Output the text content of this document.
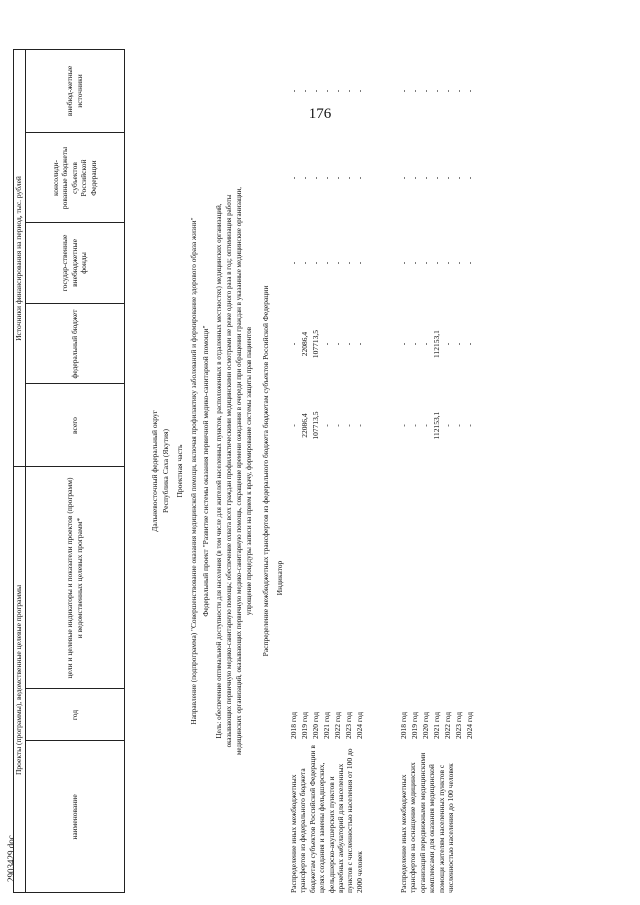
176
2903429.doc
Проекты (программы), ведомственные целевые программы
Источники финансирования на период, тыс. рублей
наименование
год
цели и целевые индикаторы и показатели проектов (программ) и ведомственных целевых программ*
всего
федеральный бюджет
государ-ственные внебюджетные фонды
консолиди-рованные бюджеты субъектов Российской Федерации
внебюд-жетные источники
Дальневосточный федеральный округ Республика Саха (Якутия) Проектная часть Направление (подпрограмма) "Совершенствование оказания медицинской помощи, включая профилактику заболеваний и формирование здорового образа жизни" Федеральный проект "Развитие системы оказания первичной медико-санитарной помощи" Цель: обеспечение оптимальной доступности для населения (в том числе для жителей населенных пунктов, расположенных в отдаленных местностях) медицинских организаций, оказывающих первичную медико-санитарную помощь; обеспечение охвата всех граждан профилактическими медицинскими осмотрами не реже одного раза в год; оптимизация работы медицинских организаций, оказывающих первичную медико-санитарную помощь, сокращение времени ожидания в очереди при обращении граждан в указанные медицинские организации, упрощение процедуры записи на прием к врачу, формирование системы защиты прав пациентов Распределение межбюджетных трансфертов из федерального бюджета бюджетам субъектов Российской Федерации Индикатор
Распределение иных межбюджетных трансфертов из федерального бюджета бюджетам субъектов Российской Федерации в целях создания и замены фельдшерских, фельдшерско-акушерских пунктов и врачебных амбулаторий для населенных пунктов с численностью населения от 100 до 2000 человек	Распределение иных межбюджетных трансфертов на оснащение медицинских организаций передвижными медицинскими комплексами для оказания медицинской помощи жителям населенных пунктов с численностью населения до 100 человек
2018 год
-
-
-
-
-
2019 год
22086,4
22086,4
-
-
-
2020 год
107713,5
107713,5
-
-
-
2021 год
-
-
-
-
-
2022 год
-
-
-
-
-
2023 год
-
-
-
-
-
2024 год
-
-
-
-
-
2018 год
-
-
-
-
-
2019 год
-
-
-
-
-
2020 год
-
-
-
-
-
2021 год
112153,1
112153,1
-
-
-
2022 год
-
-
-
-
-
2023 год
-
-
-
-
-
2024 год
-
-
-
-
-
